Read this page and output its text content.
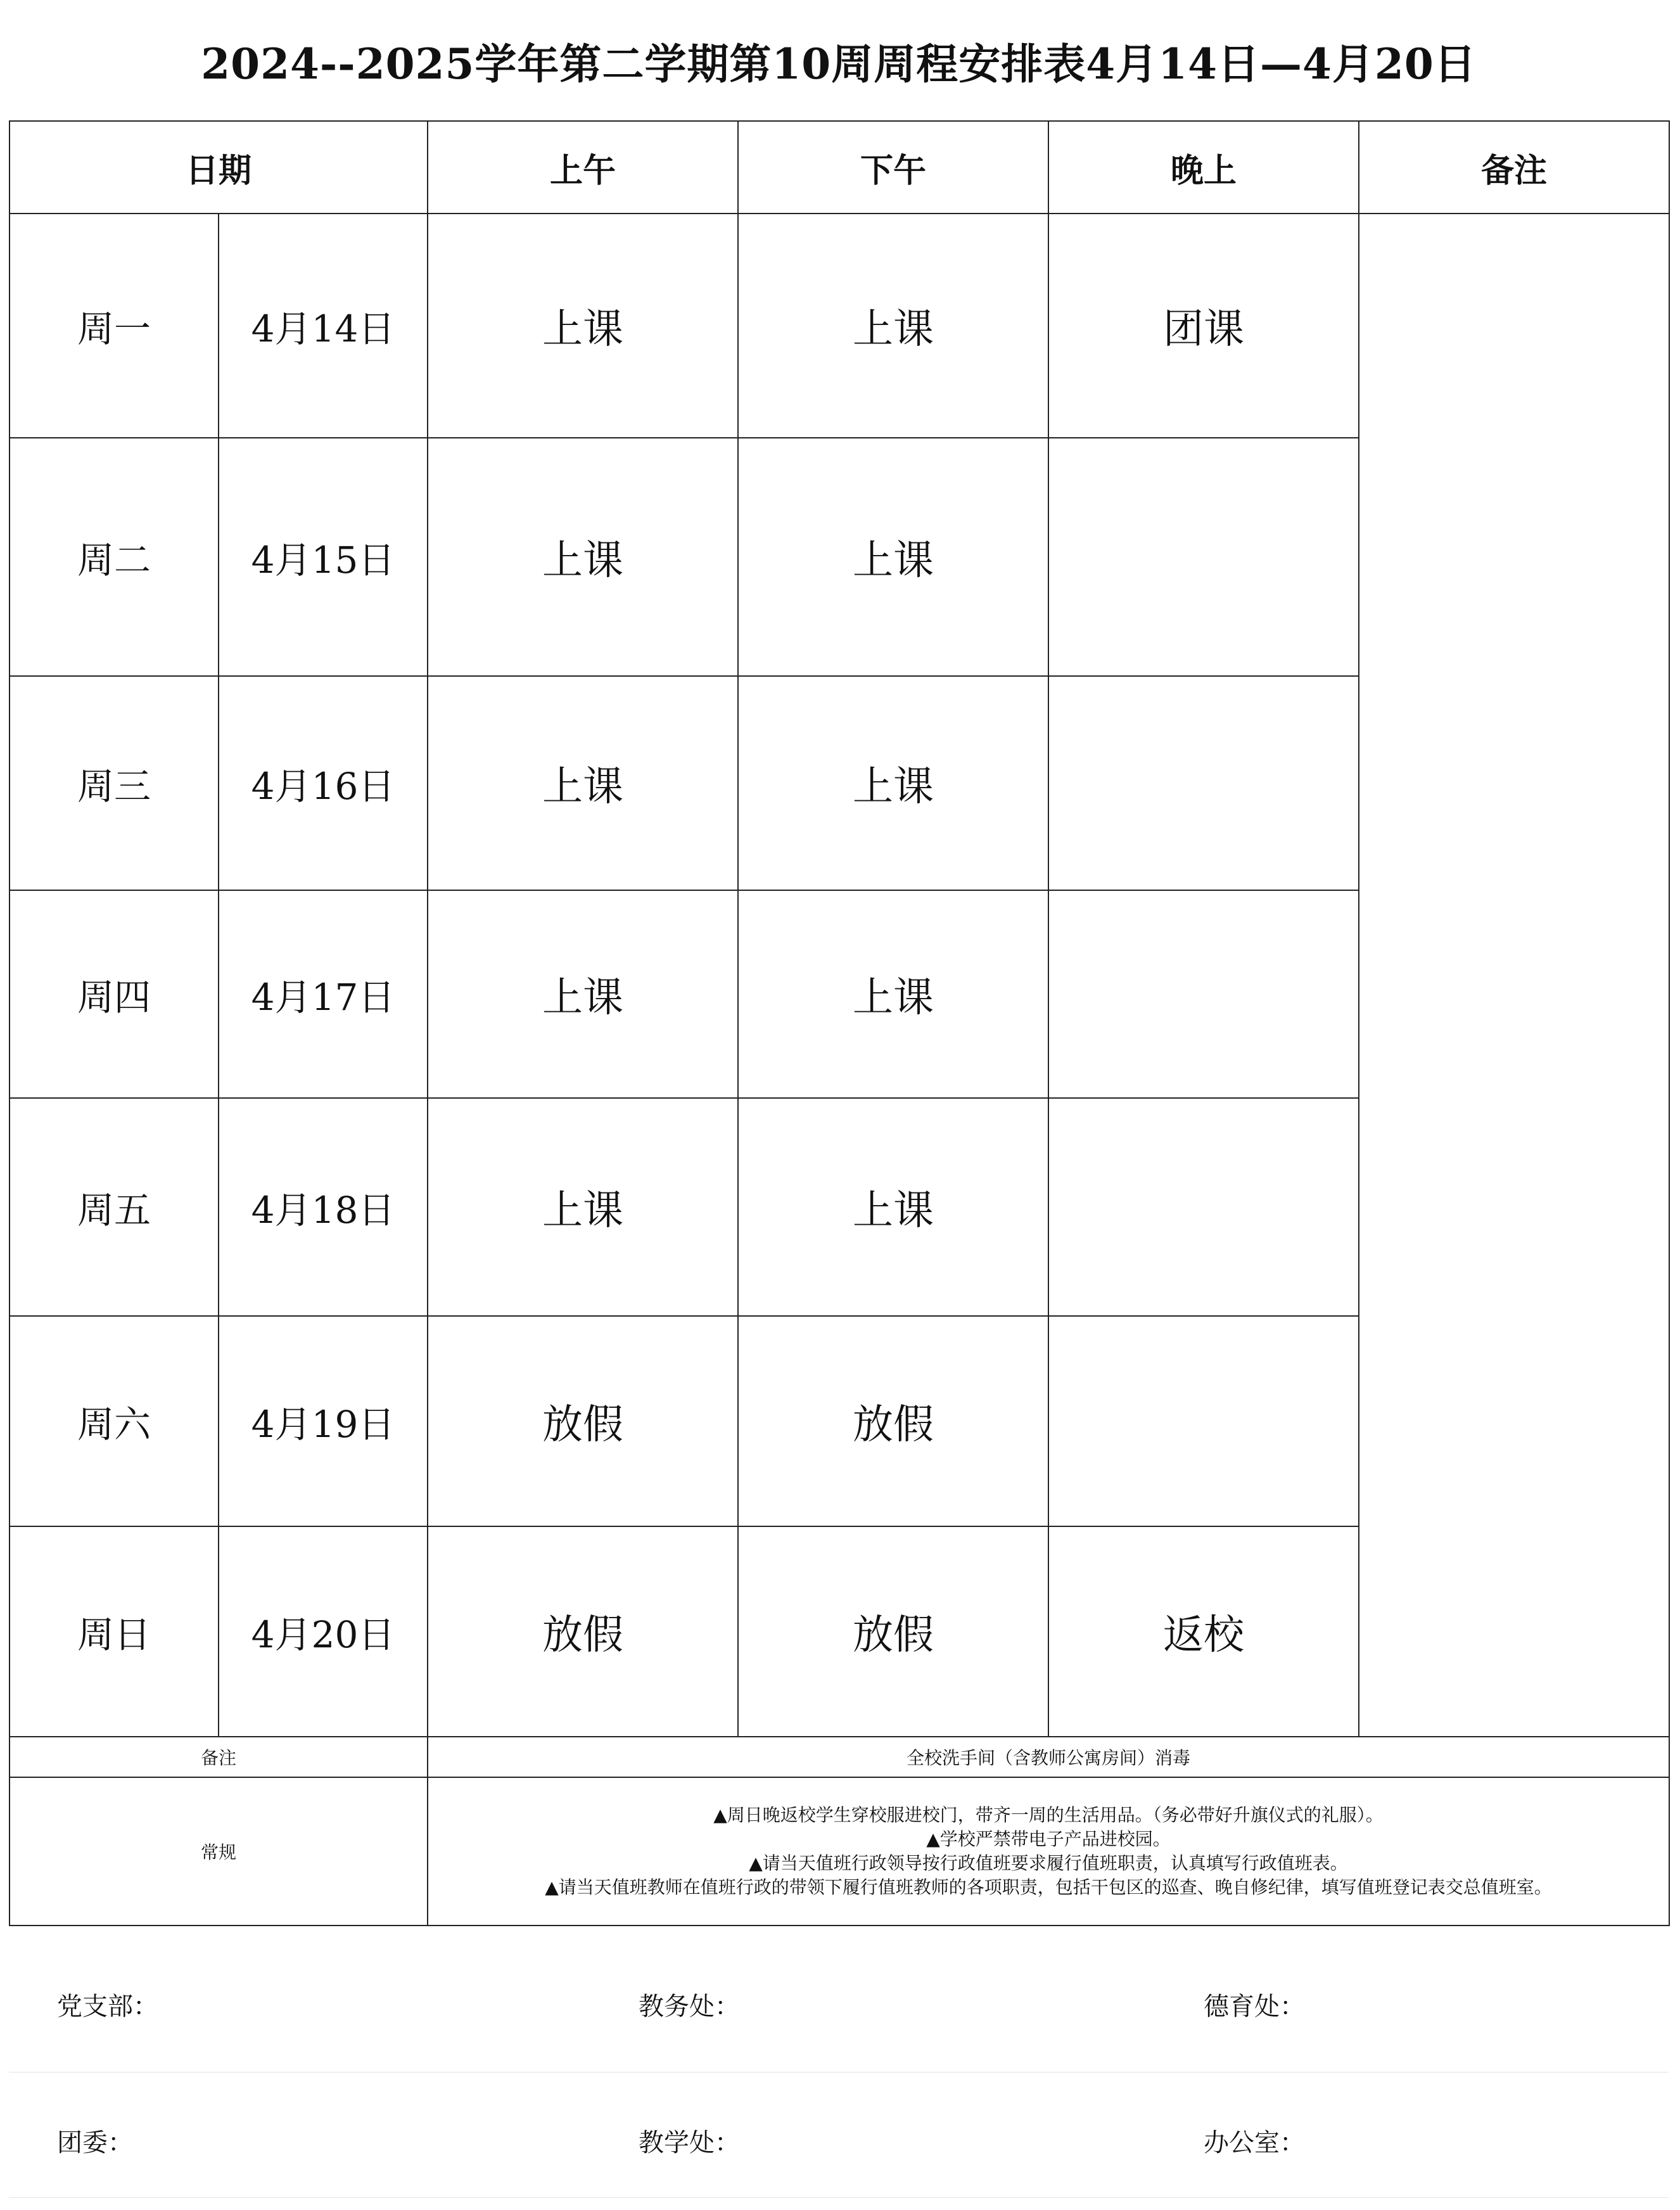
2024--2025学年第二学期第10周周程安排表4月14日—4月20日
日期		上午	下午	晚上	备注
周一	4月14日	上课	上课	团课	
周二	4月15日	上课	上课		
周三	4月16日	上课	上课		
周四	4月17日	上课	上课		
周五	4月18日	上课	上课		
周六	4月19日	放假	放假		
周日	4月20日	放假	放假	返校	
备注		全校洗手间（含教师公寓房间）消毒			
常规		▲周日晚返校学生穿校服进校门，带齐一周的生活用品。（务必带好升旗仪式的礼服）。
▲学校严禁带电子产品进校园。
▲请当天值班行政领导按行政值班要求履行值班职责，认真填写行政值班表。
▲请当天值班教师在值班行政的带领下履行值班教师的各项职责，包括干包区的巡查、晚自修纪律，填写值班登记表交总值班室。			
党支部：	教务处：	德育处：
团委：	教学处：	办公室：
